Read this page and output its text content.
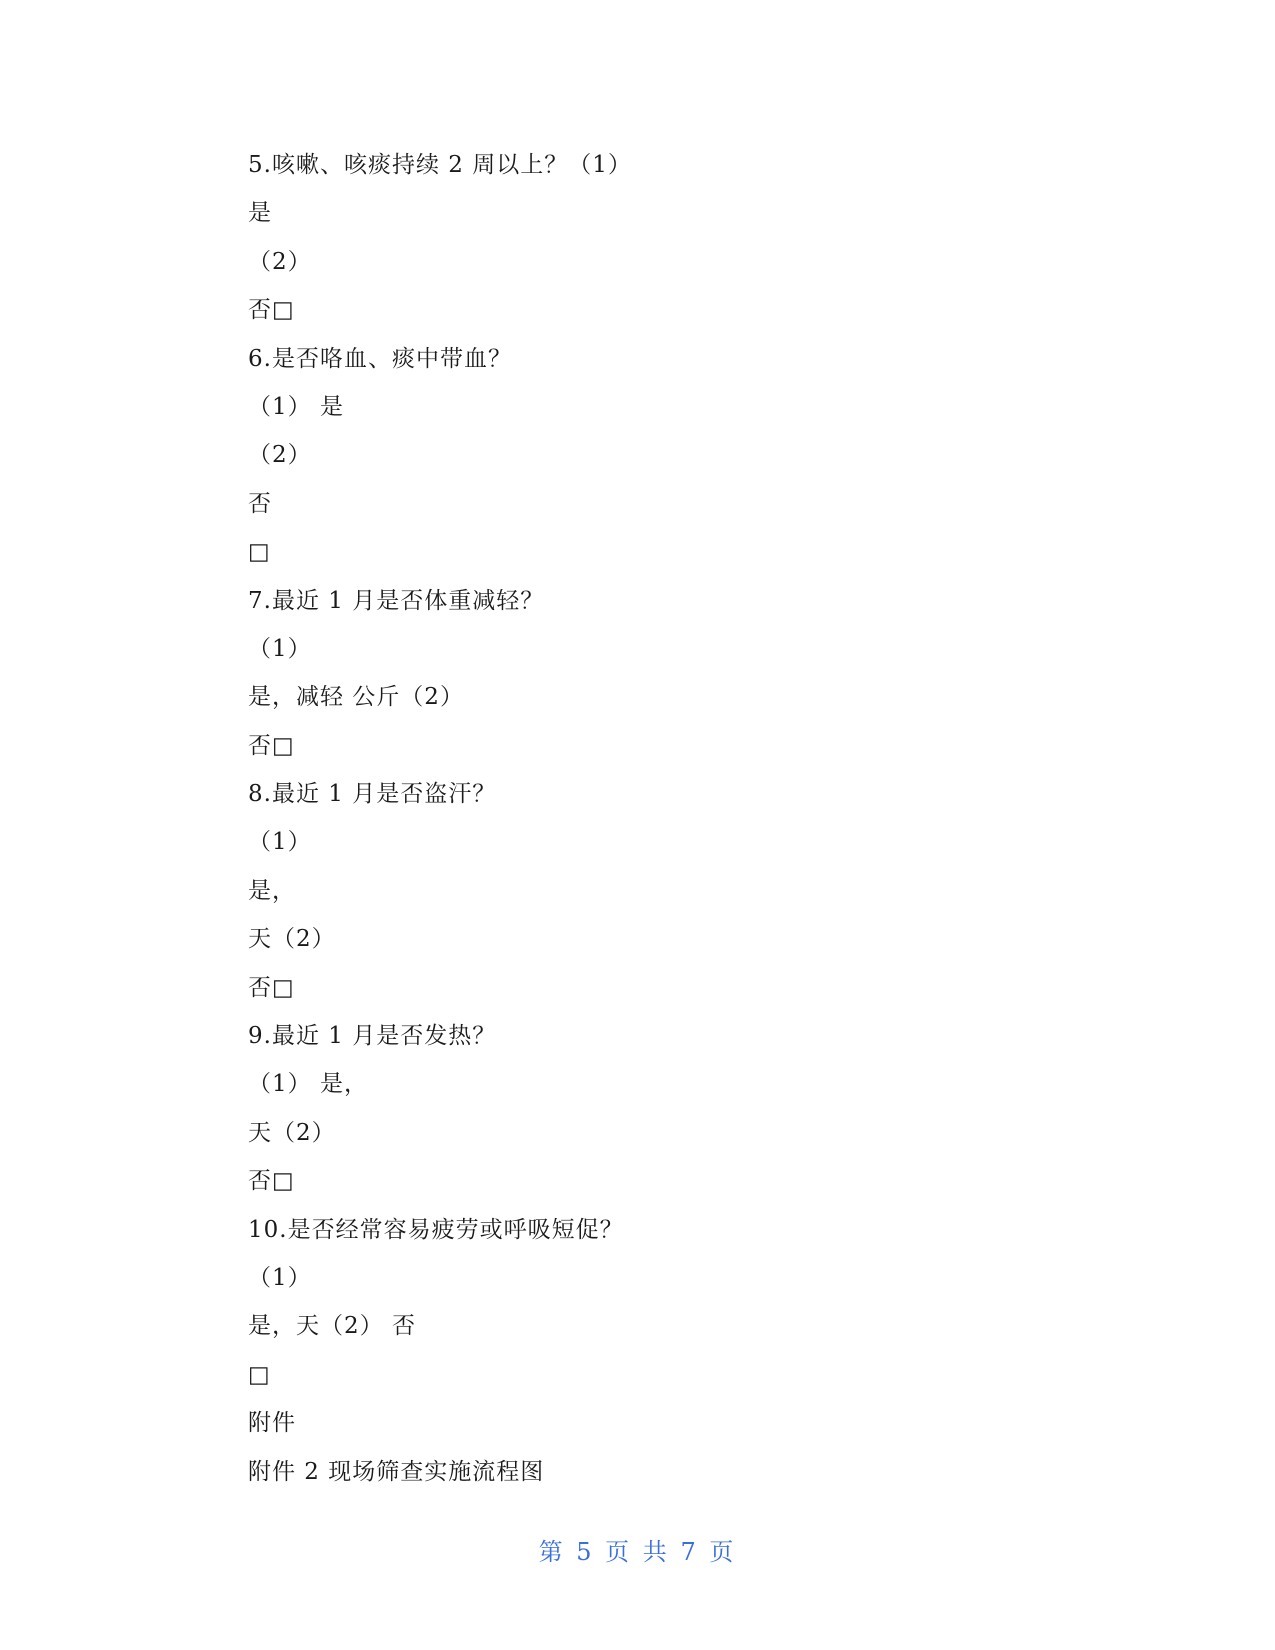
5.咳嗽、咳痰持续 2 周以上？（1）
是
（2）
否□
6.是否咯血、痰中带血？
（1） 是
（2）
否
□
7.最近 1 月是否体重减轻？
（1）
是，减轻 公斤（2）
否□
8.最近 1 月是否盗汗？
（1）
是，
天（2）
否□
9.最近 1 月是否发热？
（1） 是，
天（2）
否□
10.是否经常容易疲劳或呼吸短促？
（1）
是，天（2） 否
□
附件
附件 2 现场筛查实施流程图
第 5 页 共 7 页
